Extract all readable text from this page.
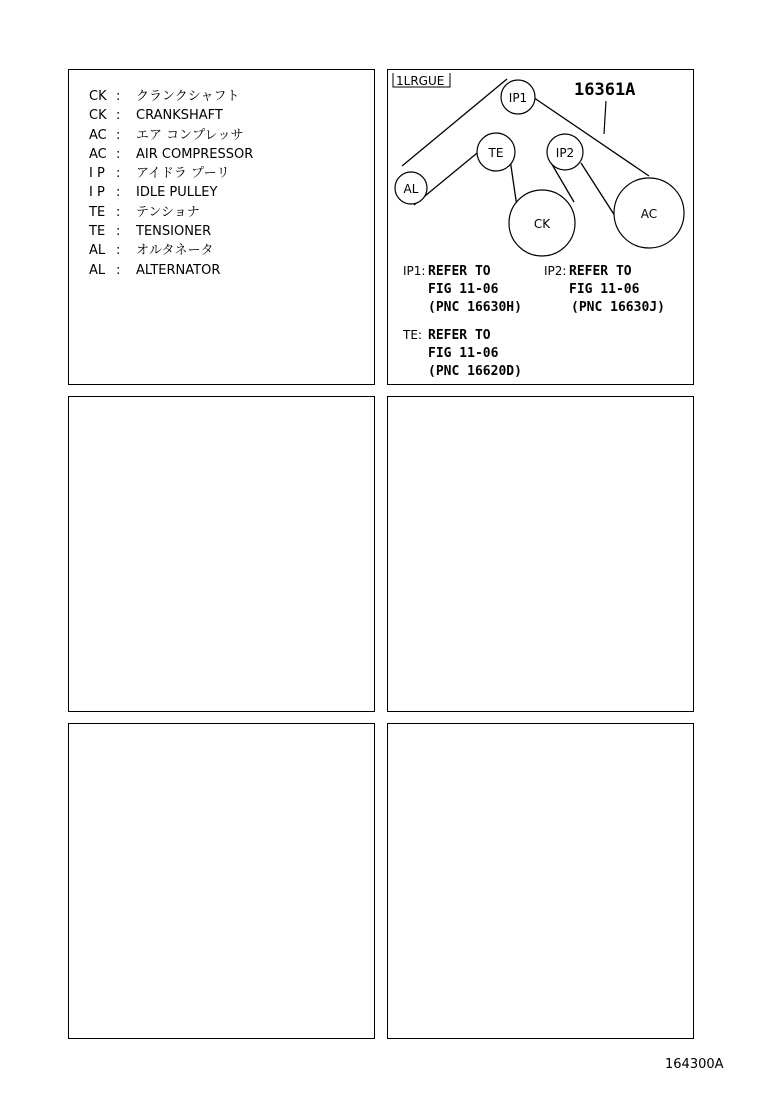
CK : クランクシャフト
CK : CRANKSHAFT
AC : エア コンプレッサ
AC : AIR COMPRESSOR
I P : アイドラ プーリ
I P : IDLE PULLEY
TE : テンショナ
TE : TENSIONER
AL : オルタネータ
AL : ALTERNATOR
1LRGUE	16361A
IP1
TE	IP2
AL
CK
AC
IP1: REFER TO
FIG 11-06
(PNC 16630H)
IP2: REFER TO
FIG 11-06
(PNC 16630J)
TE: REFER TO
FIG 11-06
(PNC 16620D)
164300A
